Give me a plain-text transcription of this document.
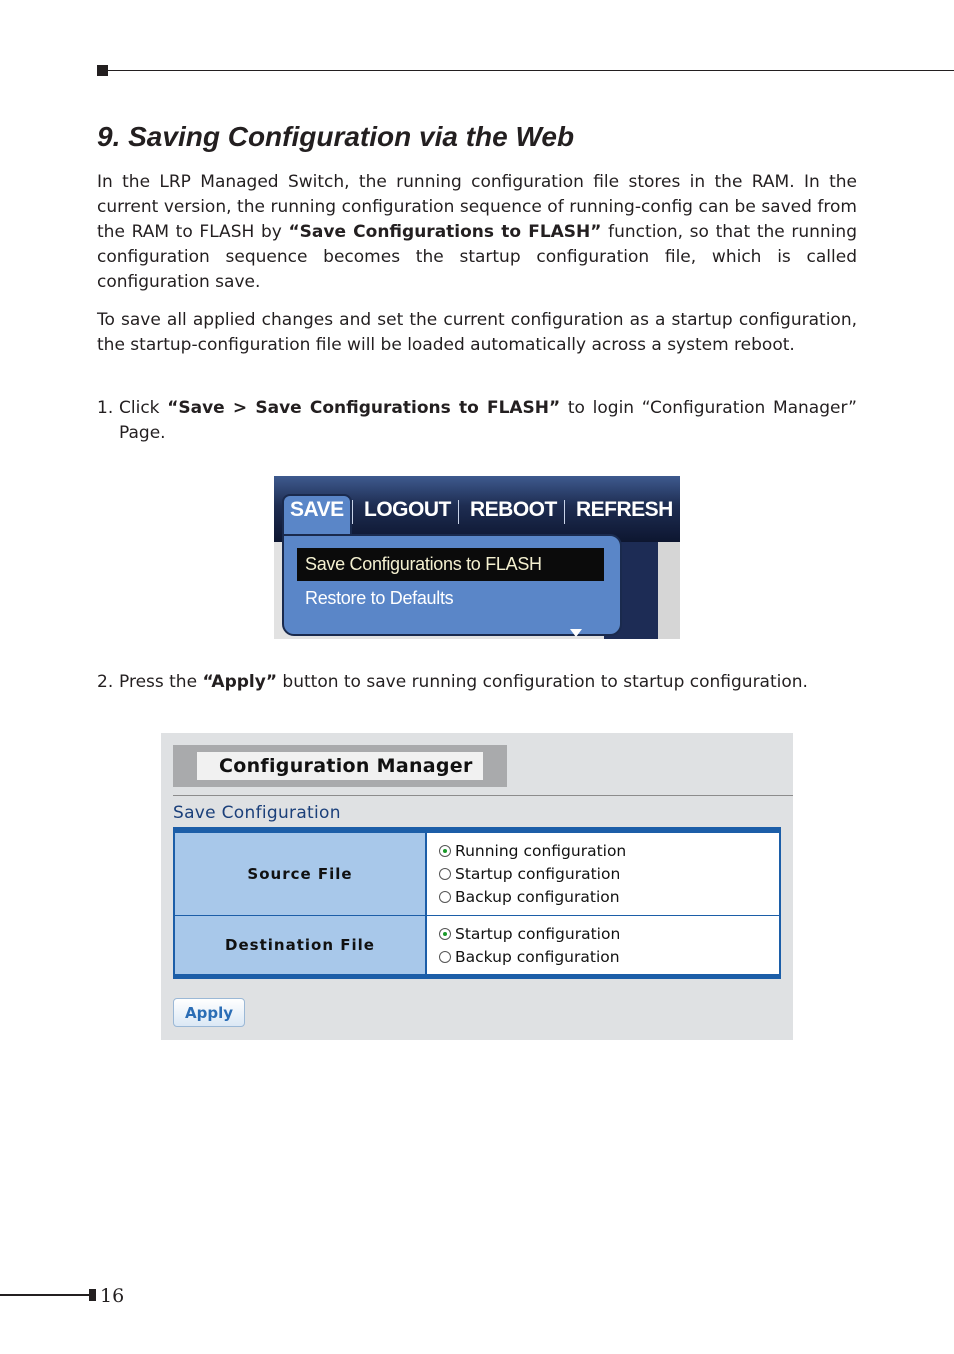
9. Saving Configuration via the Web

In the LRP Managed Switch, the running configuration file stores in the RAM. In the current version, the running configuration sequence of running-config can be saved from the RAM to FLASH by “Save Configurations to FLASH” function, so that the running configuration sequence becomes the startup configuration file, which is called configuration save.

To save all applied changes and set the current configuration as a startup configuration, the startup-configuration file will be loaded automatically across a system reboot.

1. Click “Save > Save Configurations to FLASH” to login “Configuration Manager” Page.
SAVE LOGOUT REBOOT REFRESH
Save Configurations to FLASH
Restore to Defaults
2. Press the “Apply” button to save running configuration to startup configuration.
Configuration Manager
Save Configuration
Source File
Running configuration
Startup configuration
Backup configuration
Destination File
Startup configuration
Backup configuration
Apply
16
